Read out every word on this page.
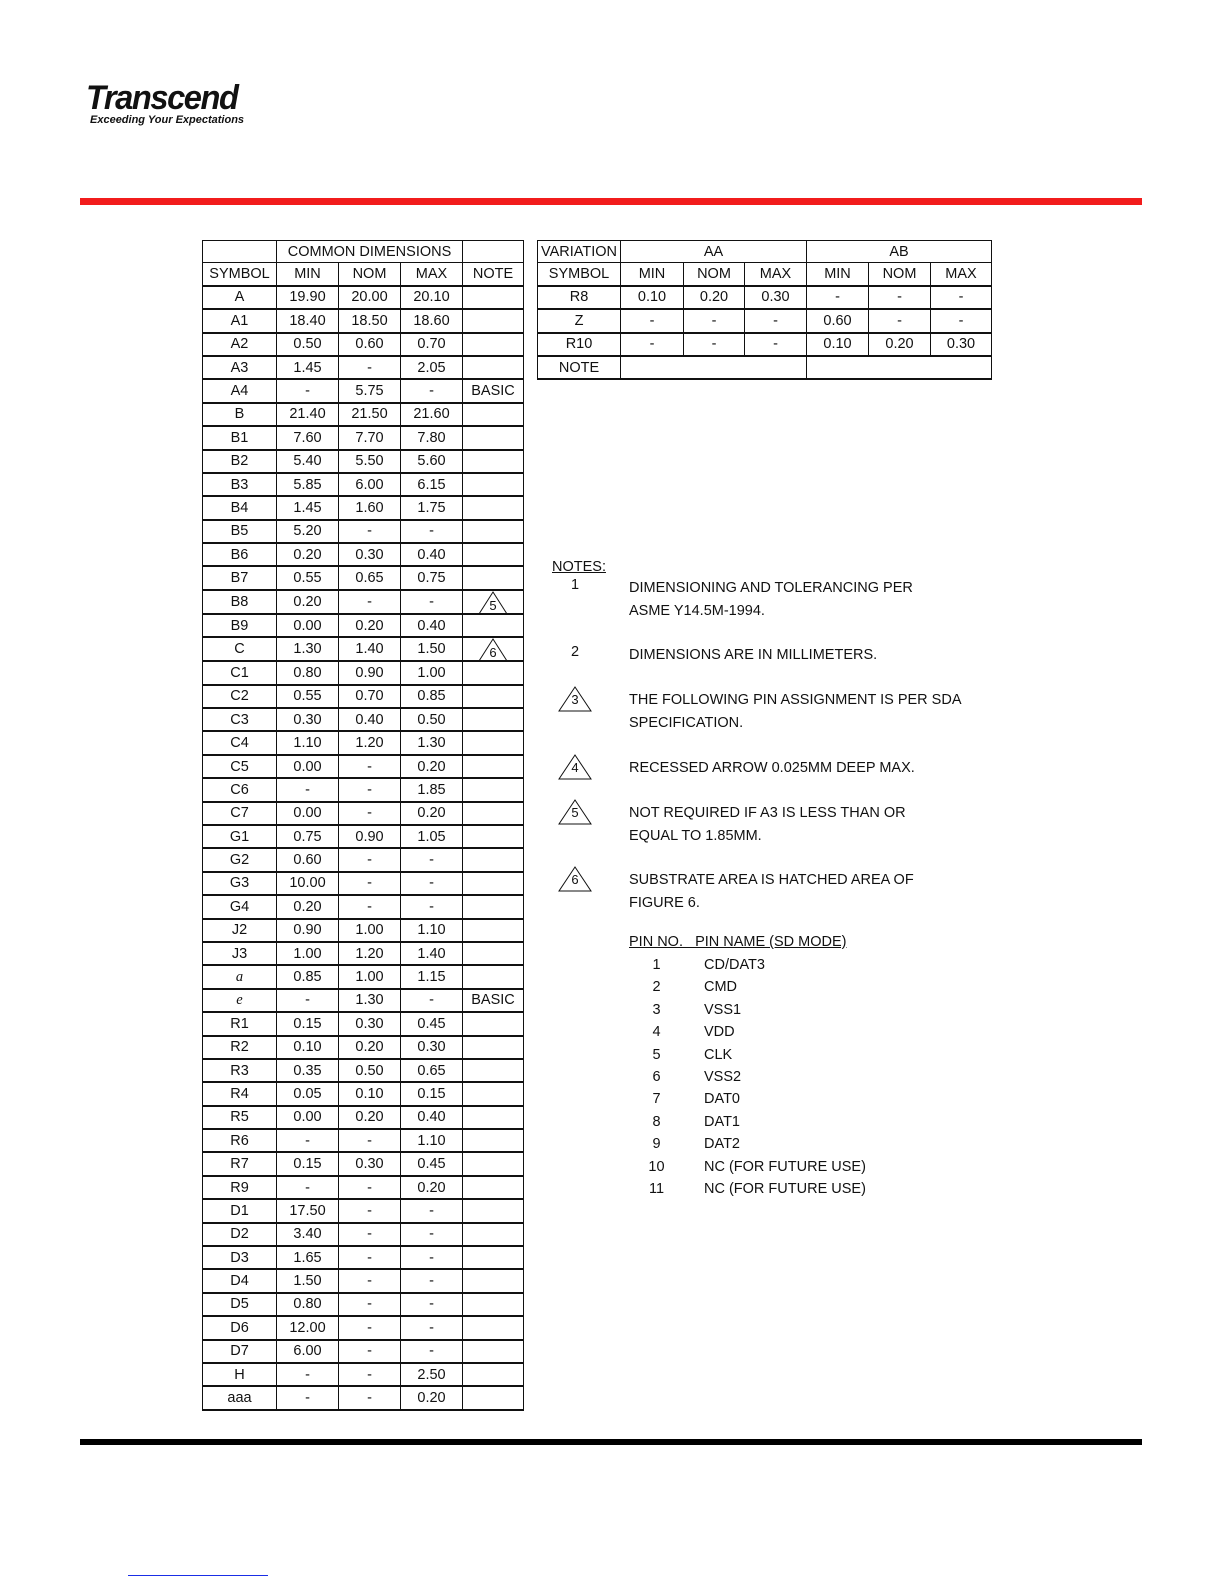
Transcend
Exceeding Your Expectations
	COMMON DIMENSIONS			
SYMBOL	MIN	NOM	MAX	NOTE
A	19.90	20.00	20.10	
A1	18.40	18.50	18.60	
A2	0.50	0.60	0.70	
A3	1.45	-	2.05	
A4	-	5.75	-	BASIC
B	21.40	21.50	21.60	
B1	7.60	7.70	7.80	
B2	5.40	5.50	5.60	
B3	5.85	6.00	6.15	
B4	1.45	1.60	1.75	
B5	5.20	-	-	
B6	0.20	0.30	0.40	
B7	0.55	0.65	0.75	
B8	0.20	-	-	5

B9	0.00	0.20	0.40	
C	1.30	1.40	1.50	6

C1	0.80	0.90	1.00	
C2	0.55	0.70	0.85	
C3	0.30	0.40	0.50	
C4	1.10	1.20	1.30	
C5	0.00	-	0.20	
C6	-	-	1.85	
C7	0.00	-	0.20	
G1	0.75	0.90	1.05	
G2	0.60	-	-	
G3	10.00	-	-	
G4	0.20	-	-	
J2	0.90	1.00	1.10	
J3	1.00	1.20	1.40	
a	0.85	1.00	1.15	
e	-	1.30	-	BASIC
R1	0.15	0.30	0.45	
R2	0.10	0.20	0.30	
R3	0.35	0.50	0.65	
R4	0.05	0.10	0.15	
R5	0.00	0.20	0.40	
R6	-	-	1.10	
R7	0.15	0.30	0.45	
R9	-	-	0.20	
D1	17.50	-	-	
D2	3.40	-	-	
D3	1.65	-	-	
D4	1.50	-	-	
D5	0.80	-	-	
D6	12.00	-	-	
D7	6.00	-	-	
H	-	-	2.50	
aaa	-	-	0.20	
VARIATION	AA			AB		
SYMBOL	MIN	NOM	MAX	MIN	NOM	MAX
R8	0.10	0.20	0.30	-	-	-
Z	-	-	-	0.60	-	-
R10	-	-	-	0.10	0.20	0.30
NOTE						
NOTES:
PIN NO.   PIN NAME (SD MODE)
1	DIMENSIONING AND TOLERANCING PER
ASME Y14.5M-1994.
2	DIMENSIONS ARE IN MILLIMETERS.
3	THE FOLLOWING PIN ASSIGNMENT IS PER SDA
SPECIFICATION.
4	RECESSED ARROW 0.025MM DEEP MAX.
5	NOT REQUIRED IF A3 IS LESS THAN OR
EQUAL TO 1.85MM.
6	SUBSTRATE AREA IS HATCHED AREA OF
FIGURE 6.
1	CD/DAT3
2	CMD
3	VSS1
4	VDD
5	CLK
6	VSS2
7	DAT0
8	DAT1
9	DAT2
10	NC (FOR FUTURE USE)
11	NC (FOR FUTURE USE)
